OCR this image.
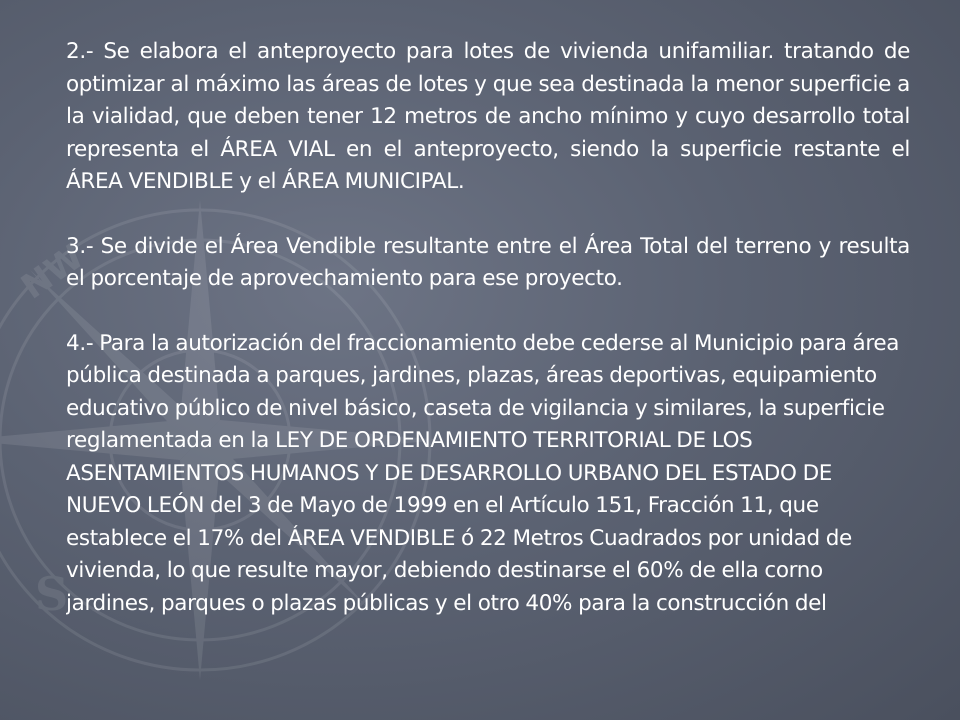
NW
S

2.- Se elabora el anteproyecto para lotes de vivienda unifamiliar. tratando de optimizar al máximo las áreas de lotes y que sea destinada la menor superficie a la vialidad, que deben tener 12 metros de ancho mínimo y cuyo desarrollo total representa el ÁREA VIAL en el anteproyecto, siendo la superficie restante el ÁREA VENDIBLE y el ÁREA MUNICIPAL.

3.- Se divide el Área Vendible resultante entre el Área Total del terreno y resulta el porcentaje de aprovechamiento para ese proyecto.

4.- Para la autorización del fraccionamiento debe cederse al Municipio para área pública destinada a parques, jardines, plazas, áreas deportivas, equipamiento educativo público de nivel básico, caseta de vigilancia y similares, la superficie reglamentada en la LEY DE ORDENAMIENTO TERRITORIAL DE LOS ASENTAMIENTOS HUMANOS Y DE DESARROLLO URBANO DEL ESTADO DE NUEVO LEÓN del 3 de Mayo de 1999 en el Artículo 151, Fracción 11, que establece el 17% del ÁREA VENDIBLE ó 22 Metros Cuadrados por unidad de vivienda, lo que resulte mayor, debiendo destinarse el 60% de ella corno jardines, parques o plazas públicas y el otro 40% para la construcción del
